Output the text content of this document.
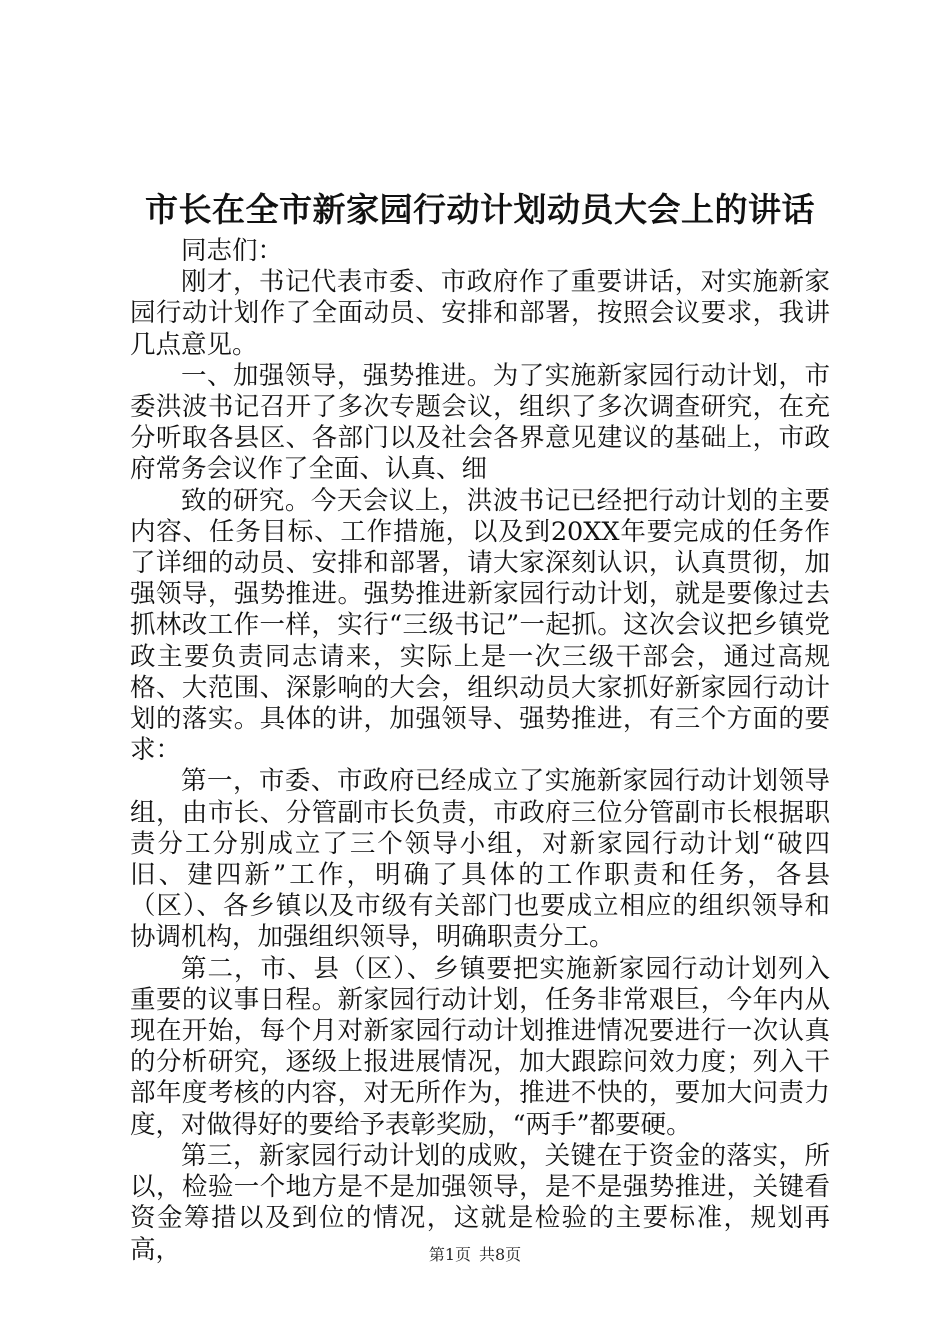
市长在全市新家园行动计划动员大会上的讲话

同志们：

刚才，书记代表市委、市政府作了重要讲话，对实施新家园行动计划作了全面动员、安排和部署，按照会议要求，我讲几点意见。

一、加强领导，强势推进。为了实施新家园行动计划，市委洪波书记召开了多次专题会议，组织了多次调查研究，在充分听取各县区、各部门以及社会各界意见建议的基础上，市政府常务会议作了全面、认真、细

致的研究。今天会议上，洪波书记已经把行动计划的主要内容、任务目标、工作措施，以及到20XX年要完成的任务作了详细的动员、安排和部署，请大家深刻认识，认真贯彻，加强领导，强势推进。强势推进新家园行动计划，就是要像过去抓林改工作一样，实行“三级书记”一起抓。这次会议把乡镇党政主要负责同志请来，实际上是一次三级干部会，通过高规格、大范围、深影响的大会，组织动员大家抓好新家园行动计划的落实。具体的讲，加强领导、强势推进，有三个方面的要求：

第一，市委、市政府已经成立了实施新家园行动计划领导组，由市长、分管副市长负责，市政府三位分管副市长根据职责分工分别成立了三个领导小组，对新家园行动计划“破四旧、建四新”工作，明确了具体的工作职责和任务，各县（区）、各乡镇以及市级有关部门也要成立相应的组织领导和协调机构，加强组织领导，明确职责分工。

第二，市、县（区）、乡镇要把实施新家园行动计划列入重要的议事日程。新家园行动计划，任务非常艰巨，今年内从现在开始，每个月对新家园行动计划推进情况要进行一次认真的分析研究，逐级上报进展情况，加大跟踪问效力度；列入干部年度考核的内容，对无所作为，推进不快的，要加大问责力度，对做得好的要给予表彰奖励，“两手”都要硬。

第三，新家园行动计划的成败，关键在于资金的落实，所以，检验一个地方是不是加强领导，是不是强势推进，关键看资金筹措以及到位的情况，这就是检验的主要标准，规划再高，	第1页 共8页
